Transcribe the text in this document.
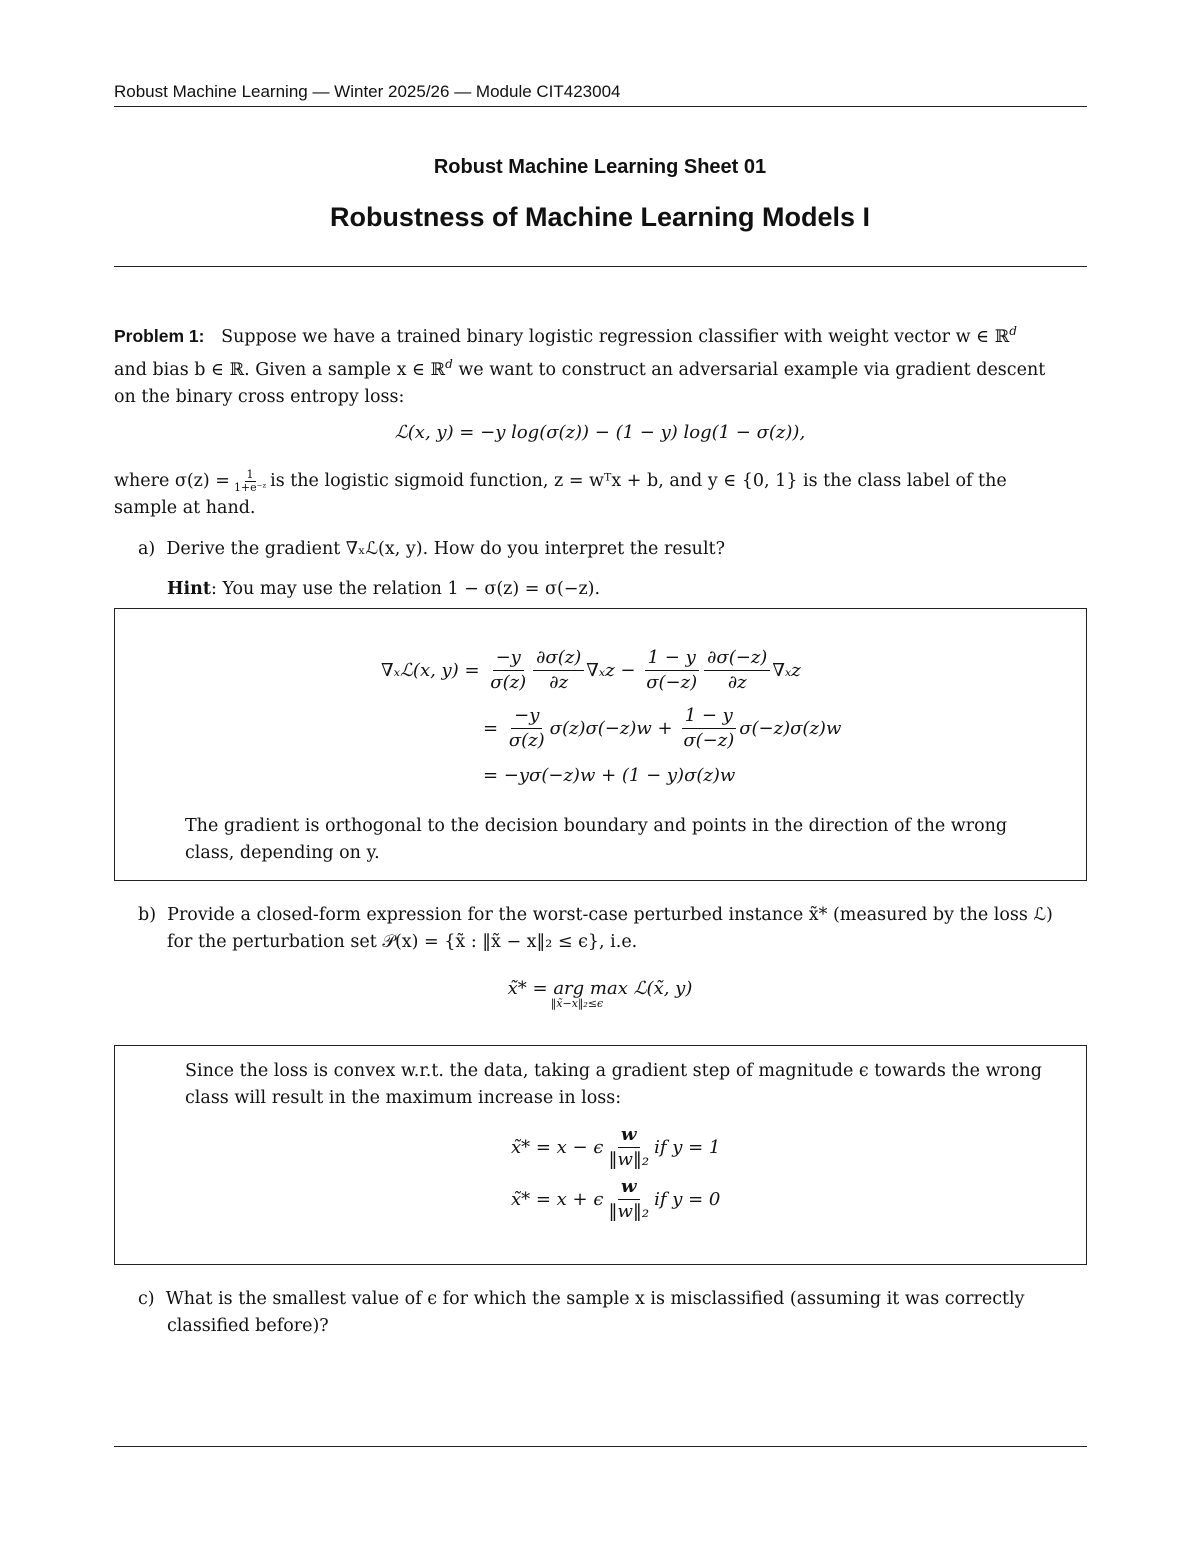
Robust Machine Learning — Winter 2025/26 — Module CIT423004
Robust Machine Learning Sheet 01
Robustness of Machine Learning Models I
Problem 1: Suppose we have a trained binary logistic regression classifier with weight vector w ∈ ℝ$^d$
and bias b ∈ ℝ. Given a sample x ∈ ℝ$^d$ we want to construct an adversarial example via gradient descent
on the binary cross entropy loss:
ℒ(x, y) = −y log(σ(z)) − (1 − y) log(1 − σ(z)),
where $\sigma(z) = \frac{1}{\text{1+e⁻ᶻ}}$ is the logistic sigmoid function, z = wᵀx + b, and y ∈ {0, 1} is the class label of the
sample at hand.
a) Derive the gradient ∇ₓℒ(x, y). How do you interpret the result?
Hint: You may use the relation 1 − σ(z) = σ(−z).
∇ₓℒ(x, y) =
$\frac{-y}{\sigma(z)} \frac{\partial\sigma(z)}{\partial z} \nabla_xz$ −
$\frac{1 - y}{\sigma(-z)} \frac{\partial\sigma(-z)}{\partial z} \nabla_xz$
=
$\frac{-y}{\sigma(z)} \sigma(z)\sigma(-z)w$ +
$\frac{1 - y}{\sigma(-z)} \sigma(-z)\sigma(z)w$
= −yσ(−z)w + (1 − y)σ(z)w
The gradient is orthogonal to the decision boundary and points in the direction of the wrong
class, depending on y.
b) Provide a closed-form expression for the worst-case perturbed instance x̃* (measured by the loss ℒ)
for the perturbation set 𝒫(x) = {x̃ : ‖x̃ − x‖₂ ≤ ϵ}, i.e.
x̃* = arg max ℒ(x̃, y)
‖x̃−x‖₂≤ϵ
Since the loss is convex w.r.t. the data, taking a gradient step of magnitude ϵ towards the wrong
class will result in the maximum increase in loss:
x̃* = x − ϵ $\frac{w}{\text{‖w‖₂}}$ if y = 1
x̃* = x + ϵ $\frac{w}{\text{‖w‖₂}}$ if y = 0
c) What is the smallest value of ϵ for which the sample x is misclassified (assuming it was correctly
classified before)?
